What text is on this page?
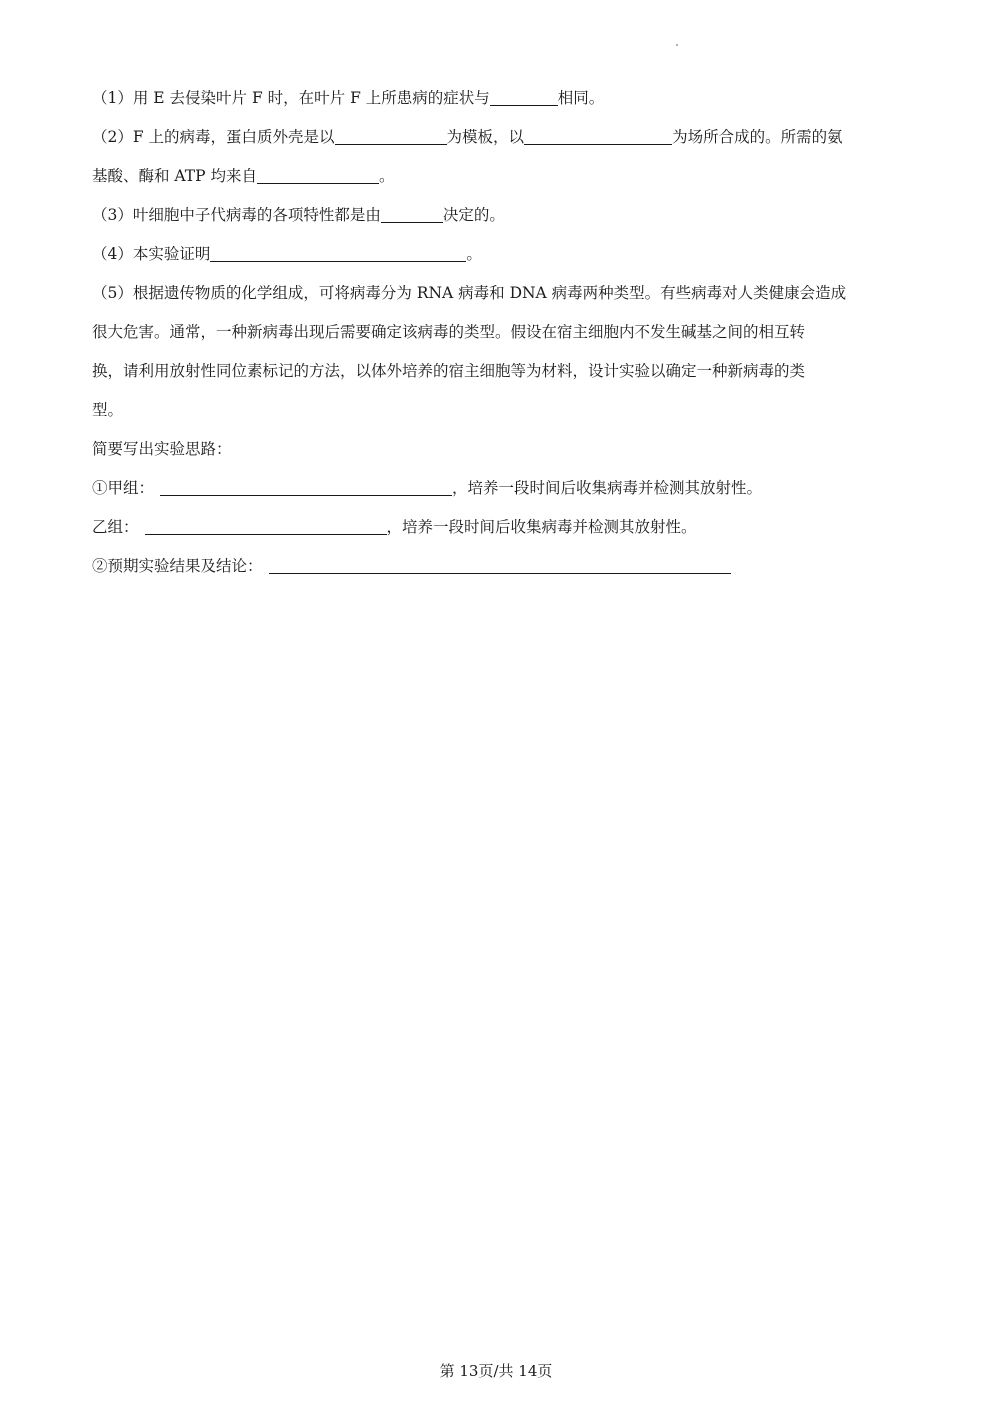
（1）用 E 去侵染叶片 F 时，在叶片 F 上所患病的症状与	相同。
（2）F 上的病毒，蛋白质外壳是以	为模板，以	为场所合成的。所需的氨
基酸、酶和 ATP 均来自	。
（3）叶细胞中子代病毒的各项特性都是由	决定的。
（4）本实验证明	。
（5）根据遗传物质的化学组成，可将病毒分为 RNA 病毒和 DNA 病毒两种类型。有些病毒对人类健康会造成
很大危害。通常，一种新病毒出现后需要确定该病毒的类型。假设在宿主细胞内不发生碱基之间的相互转
换，请利用放射性同位素标记的方法，以体外培养的宿主细胞等为材料，设计实验以确定一种新病毒的类
型。
简要写出实验思路：
①甲组：	，培养一段时间后收集病毒并检测其放射性。
乙组：	，培养一段时间后收集病毒并检测其放射性。
②预期实验结果及结论：
第 13页/共 14页
